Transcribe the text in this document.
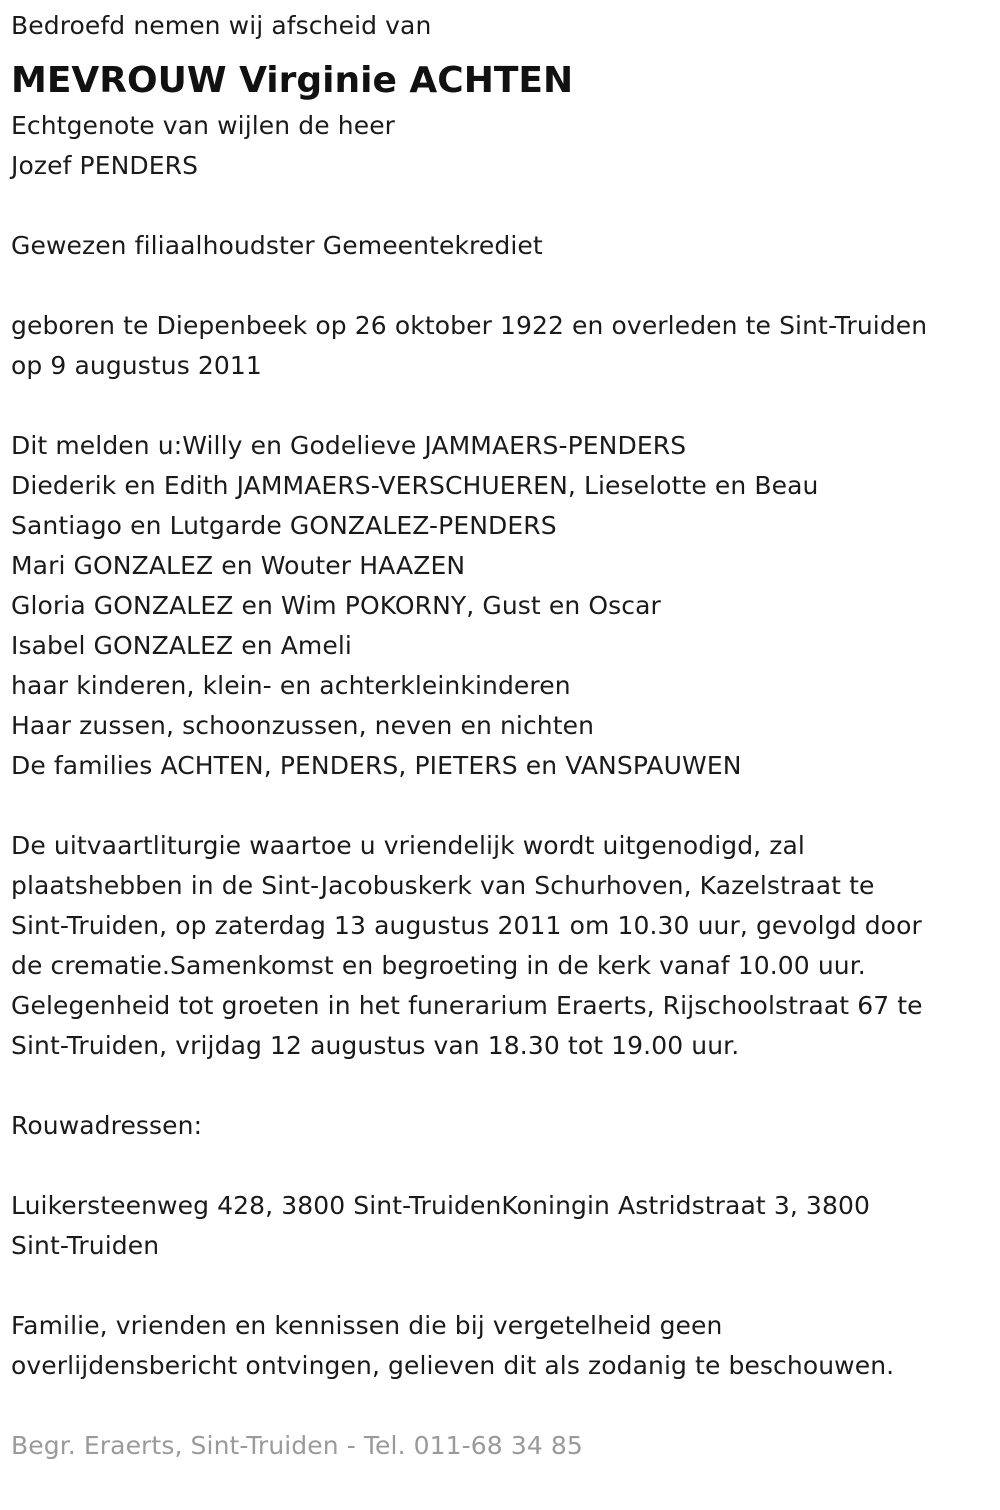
Bedroefd nemen wij afscheid van
MEVROUW Virginie ACHTEN
Echtgenote van wijlen de heer
Jozef PENDERS
Gewezen filiaalhoudster Gemeentekrediet
geboren te Diepenbeek op 26 oktober 1922 en overleden te Sint-Truiden
op 9 augustus 2011
Dit melden u:Willy en Godelieve JAMMAERS-PENDERS
Diederik en Edith JAMMAERS-VERSCHUEREN, Lieselotte en Beau
Santiago en Lutgarde GONZALEZ-PENDERS
Mari GONZALEZ en Wouter HAAZEN
Gloria GONZALEZ en Wim POKORNY, Gust en Oscar
Isabel GONZALEZ en Ameli
haar kinderen, klein- en achterkleinkinderen
Haar zussen, schoonzussen, neven en nichten
De families ACHTEN, PENDERS, PIETERS en VANSPAUWEN
De uitvaartliturgie waartoe u vriendelijk wordt uitgenodigd, zal
plaatshebben in de Sint-Jacobuskerk van Schurhoven, Kazelstraat te
Sint-Truiden, op zaterdag 13 augustus 2011 om 10.30 uur, gevolgd door
de crematie.Samenkomst en begroeting in de kerk vanaf 10.00 uur.
Gelegenheid tot groeten in het funerarium Eraerts, Rijschoolstraat 67 te
Sint-Truiden, vrijdag 12 augustus van 18.30 tot 19.00 uur.
Rouwadressen:
Luikersteenweg 428, 3800 Sint-TruidenKoningin Astridstraat 3, 3800
Sint-Truiden
Familie, vrienden en kennissen die bij vergetelheid geen
overlijdensbericht ontvingen, gelieven dit als zodanig te beschouwen.
Begr. Eraerts, Sint-Truiden - Tel. 011-68 34 85
